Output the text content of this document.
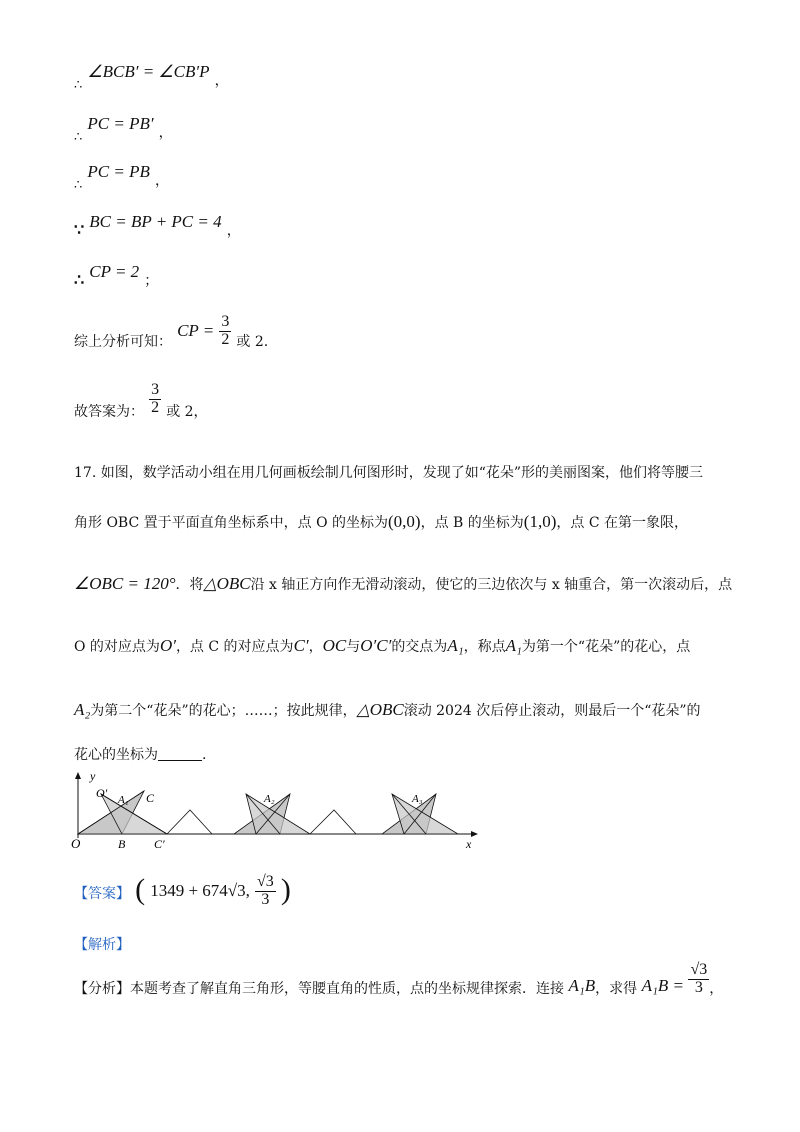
$_\therefore$ ∠BCB′ = ∠CB′P ，
$_\therefore$ PC = PB′ ，
$_\therefore$ PC = PB ，
∵ BC = BP + PC = 4 ，
∴ CP = 2 ；
综上分析可知： CP = $\frac{3}{2}$ 或 2.
故答案为： $\frac{3}{2}$ 或 2，
17. 如图，数学活动小组在用几何画板绘制几何图形时，发现了如“花朵”形的美丽图案，他们将等腰三
角形 OBC 置于平面直角坐标系中，点 O 的坐标为(0,0)，点 B 的坐标为(1,0)，点 C 在第一象限，
∠OBC = 120°．将△OBC沿 x 轴正方向作无滑动滚动，使它的三边依次与 x 轴重合，第一次滚动后，点
O 的对应点为O′，点 C 的对应点为C′，OC与O′C′的交点为A₁，称点A₁为第一个“花朵”的花心，点
A₂为第二个“花朵”的花心；……；按此规律，△OBC滚动 2024 次后停止滚动，则最后一个“花朵”的
花心的坐标为	.
y
x
O
O′ A₁ C
B C′
A₂	A₃
【答案】 ( 1349 + 674√3, $\frac{√3}{3}$ )
【解析】
【分析】本题考查了解直角三角形，等腰直角的性质，点的坐标规律探索．连接 A₁B，求得 $A_1B = \frac{√3}{3}$ ，
